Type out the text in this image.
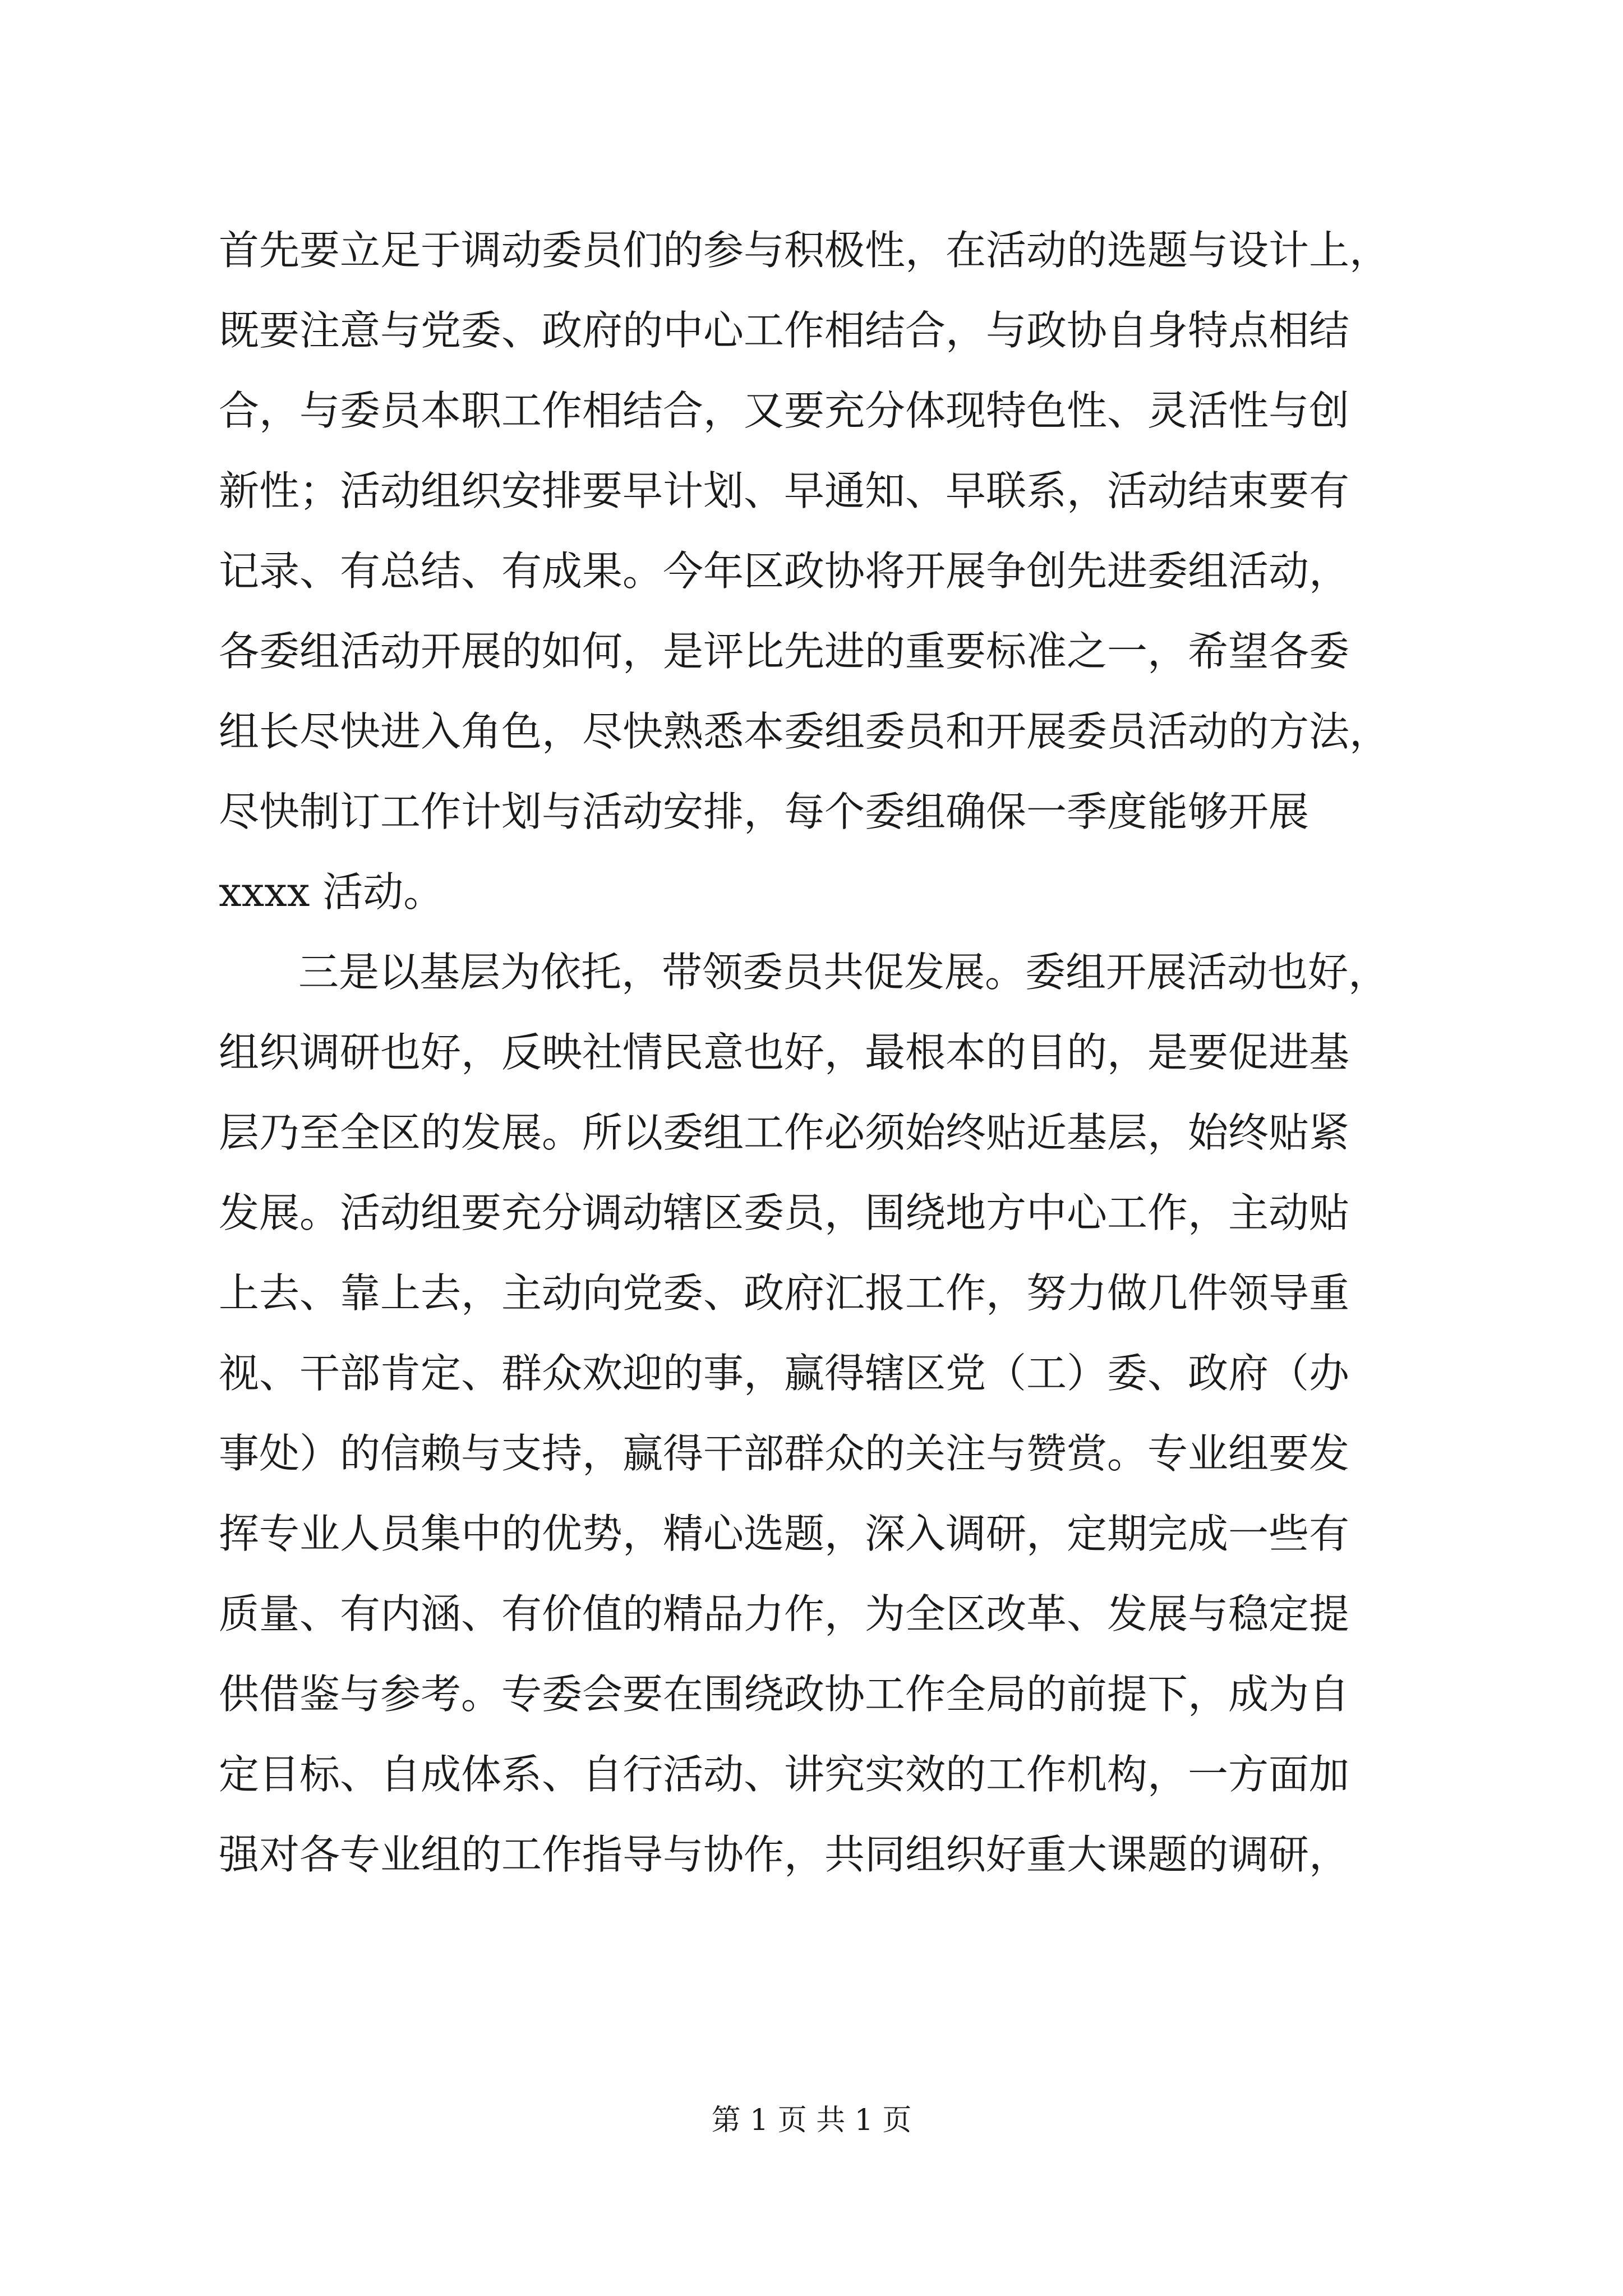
首先要立足于调动委员们的参与积极性，在活动的选题与设计上，
既要注意与党委、政府的中心工作相结合，与政协自身特点相结
合，与委员本职工作相结合，又要充分体现特色性、灵活性与创
新性；活动组织安排要早计划、早通知、早联系，活动结束要有
记录、有总结、有成果。今年区政协将开展争创先进委组活动，
各委组活动开展的如何，是评比先进的重要标准之一，希望各委
组长尽快进入角色，尽快熟悉本委组委员和开展委员活动的方法，
尽快制订工作计划与活动安排，每个委组确保一季度能够开展
xxxx 活动。
三是以基层为依托，带领委员共促发展。委组开展活动也好，
组织调研也好，反映社情民意也好，最根本的目的，是要促进基
层乃至全区的发展。所以委组工作必须始终贴近基层，始终贴紧
发展。活动组要充分调动辖区委员，围绕地方中心工作，主动贴
上去、靠上去，主动向党委、政府汇报工作，努力做几件领导重
视、干部肯定、群众欢迎的事，赢得辖区党（工）委、政府（办
事处）的信赖与支持，赢得干部群众的关注与赞赏。专业组要发
挥专业人员集中的优势，精心选题，深入调研，定期完成一些有
质量、有内涵、有价值的精品力作，为全区改革、发展与稳定提
供借鉴与参考。专委会要在围绕政协工作全局的前提下，成为自
定目标、自成体系、自行活动、讲究实效的工作机构，一方面加
强对各专业组的工作指导与协作，共同组织好重大课题的调研，
第 1 页 共 1 页
